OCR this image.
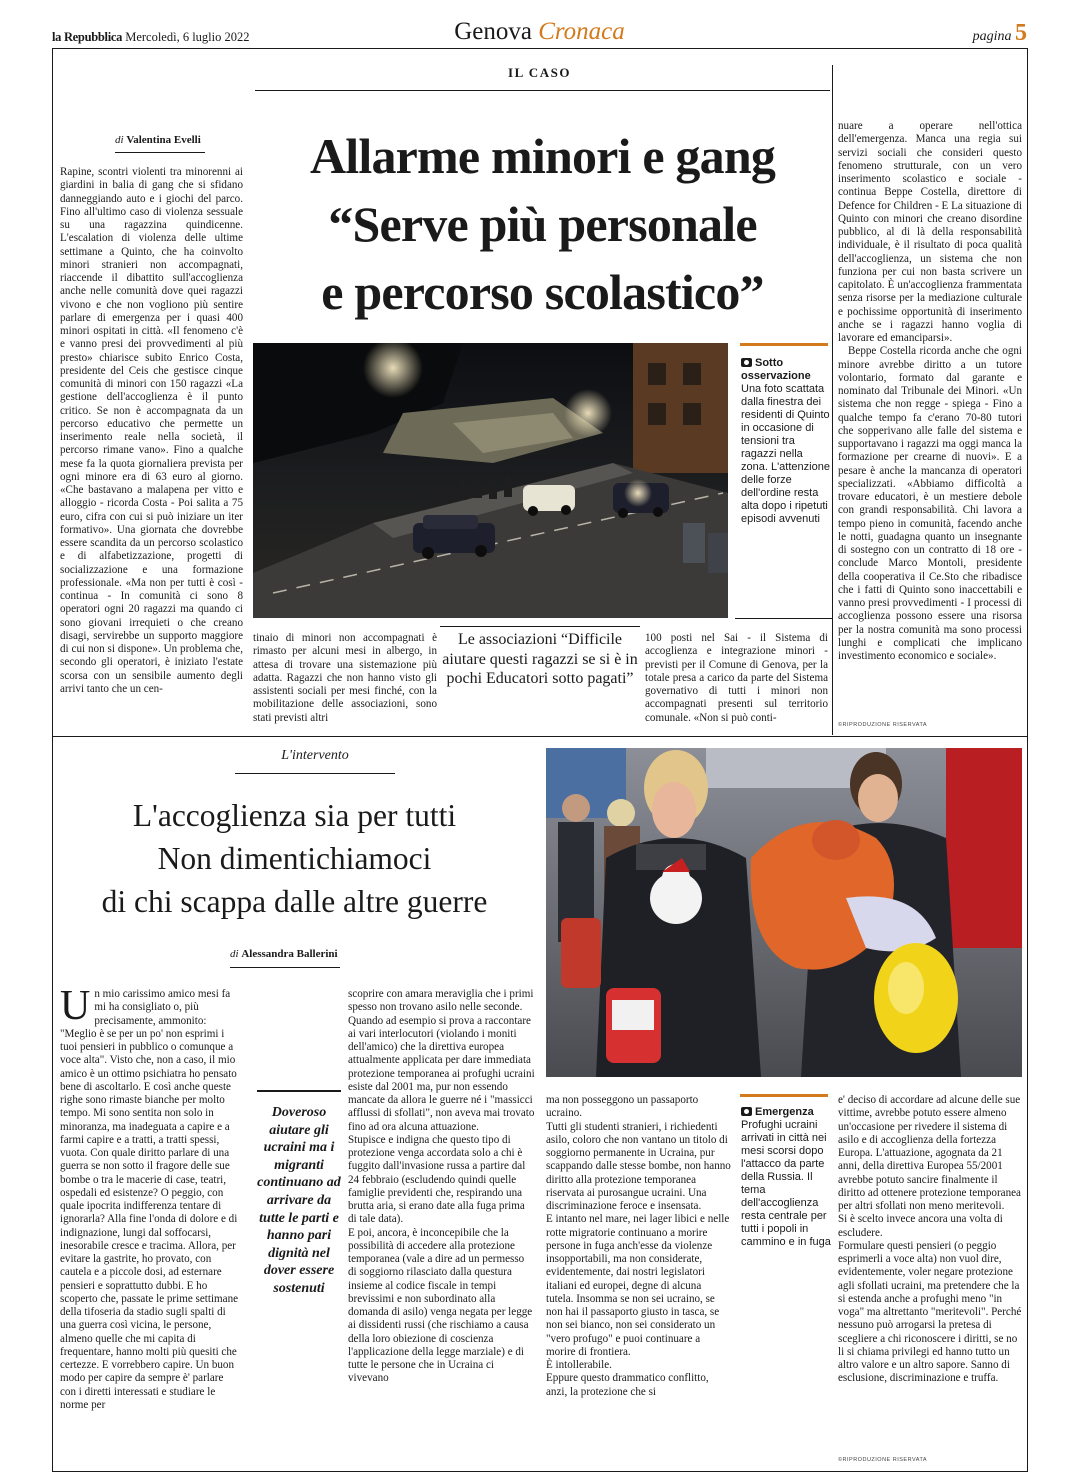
la Repubblica Mercoledì, 6 luglio 2022	Genova Cronaca	pagina 5
IL CASO
di Valentina Evelli	Allarme minori e gang
“Serve più personale
e percorso scolastico”

Rapine, scontri violenti tra minorenni ai giardini in balia di gang che si sfidano danneggiando auto e i giochi del parco. Fino all'ultimo caso di violenza sessuale su una ragazzina quindicenne. L'escalation di violenza delle ultime settimane a Quinto, che ha coinvolto minori stranieri non accompagnati, riaccende il dibattito sull'accoglienza anche nelle comunità dove quei ragazzi vivono e che non vogliono più sentire parlare di emergenza per i quasi 400 minori ospitati in città. «Il fenomeno c'è e vanno presi dei provvedimenti al più presto» chiarisce subito Enrico Costa, presidente del Ceis che gestisce cinque comunità di minori con 150 ragazzi «La gestione dell'accoglienza è il punto critico. Se non è accompagnata da un percorso educativo che permette un inserimento reale nella società, il percorso rimane vano». Fino a qualche mese fa la quota giornaliera prevista per ogni minore era di 63 euro al giorno. «Che bastavano a malapena per vitto e alloggio - ricorda Costa - Poi salita a 75 euro, cifra con cui si può iniziare un iter formativo». Una giornata che dovrebbe essere scandita da un percorso scolastico e di alfabetizzazione, progetti di socializzazione e una formazione professionale. «Ma non per tutti è così - continua - In comunità ci sono 8 operatori ogni 20 ragazzi ma quando ci sono giovani irrequieti o che creano disagi, servirebbe un supporto maggiore di cui non si dispone». Un problema che, secondo gli operatori, è iniziato l'estate scorsa con un sensibile aumento degli arrivi tanto che un cen-

Sotto osservazione
Una foto scattata dalla finestra dei residenti di Quinto in occasione di tensioni tra ragazzi nella zona. L'attenzione delle forze dell'ordine resta alta dopo i ripetuti episodi avvenuti

tinaio di minori non accompagnati è rimasto per alcuni mesi in albergo, in attesa di trovare una sistemazione più adatta. Ragazzi che non hanno visto gli assistenti sociali per mesi finché, con la mobilitazione delle associazioni, sono stati previsti altri

Le associazioni “Difficile aiutare questi ragazzi se si è in pochi Educatori sotto pagati”

100 posti nel Sai - il Sistema di accoglienza e integrazione minori - previsti per il Comune di Genova, per la totale presa a carico da parte del Sistema governativo di tutti i minori non accompagnati presenti sul territorio comunale. «Non si può conti-

nuare a operare nell'ottica dell'emergenza. Manca una regia sui servizi sociali che consideri questo fenomeno strutturale, con un vero inserimento scolastico e sociale - continua Beppe Costella, direttore di Defence for Children - E La situazione di Quinto con minori che creano disordine pubblico, al di là della responsabilità individuale, è il risultato di poca qualità dell'accoglienza, un sistema che non funziona per cui non basta scrivere un capitolato. È un'accoglienza frammentata senza risorse per la mediazione culturale e pochissime opportunità di inserimento anche se i ragazzi hanno voglia di lavorare ed emanciparsi».

Beppe Costella ricorda anche che ogni minore avrebbe diritto a un tutore volontario, formato dal garante e nominato dal Tribunale dei Minori. «Un sistema che non regge - spiega - Fino a qualche tempo fa c'erano 70-80 tutori che sopperivano alle falle del sistema e supportavano i ragazzi ma oggi manca la formazione per crearne di nuovi». E a pesare è anche la mancanza di operatori specializzati. «Abbiamo difficoltà a trovare educatori, è un mestiere debole con grandi responsabilità. Chi lavora a tempo pieno in comunità, facendo anche le notti, guadagna quanto un insegnante di sostegno con un contratto di 18 ore - conclude Marco Montoli, presidente della cooperativa il Ce.Sto che ribadisce che i fatti di Quinto sono inaccettabili e vanno presi provvedimenti - I processi di accoglienza possono essere una risorsa per la nostra comunità ma sono processi lunghi e complicati che implicano investimento economico e sociale».

©RIPRODUZIONE RISERVATA
L'intervento
L'accoglienza sia per tutti
Non dimentichiamoci
di chi scappa dalle altre guerre
di Alessandra Ballerini
U n mio carissimo amico mesi fa mi ha consigliato o, più precisamente, ammonito: "Meglio è se per un po' non esprimi i tuoi pensieri in pubblico o comunque a voce alta". Visto che, non a caso, il mio amico è un ottimo psichiatra ho pensato bene di ascoltarlo. E così anche queste righe sono rimaste bianche per molto tempo. Mi sono sentita non solo in minoranza, ma inadeguata a capire e a farmi capire e a tratti, a tratti spessi, vuota. Con quale diritto parlare di una guerra se non sotto il fragore delle sue bombe o tra le macerie di case, teatri, ospedali ed esistenze? O peggio, con quale ipocrita indifferenza tentare di ignorarla? Alla fine l'onda di dolore e di indignazione, lungi dal soffocarsi, inesorabile cresce e tracima. Allora, per evitare la gastrite, ho provato, con cautela e a piccole dosi, ad esternare pensieri e soprattutto dubbi. E ho scoperto che, passate le prime settimane della tifoseria da stadio sugli spalti di una guerra così vicina, le persone, almeno quelle che mi capita di frequentare, hanno molti più quesiti che certezze. E vorrebbero capire. Un buon modo per capire da sempre è' parlare con i diretti interessati e studiare le norme per
Doveroso aiutare gli ucraini ma i migranti continuano ad arrivare da tutte le parti e hanno pari dignità nel dover essere sostenuti

scoprire con amara meraviglia che i primi spesso non trovano asilo nelle seconde.

Quando ad esempio si prova a raccontare ai vari interlocutori (violando i moniti dell'amico) che la direttiva europea attualmente applicata per dare immediata protezione temporanea ai profughi ucraini esiste dal 2001 ma, pur non essendo mancate da allora le guerre né i "massicci afflussi di sfollati", non aveva mai trovato fino ad ora alcuna attuazione.

Stupisce e indigna che questo tipo di protezione venga accordata solo a chi è fuggito dall'invasione russa a partire dal 24 febbraio (escludendo quindi quelle famiglie previdenti che, respirando una brutta aria, si erano date alla fuga prima di tale data).

E poi, ancora, è inconcepibile che la possibilità di accedere alla protezione temporanea (vale a dire ad un permesso di soggiorno rilasciato dalla questura insieme al codice fiscale in tempi brevissimi e non subordinato alla domanda di asilo) venga negata per legge ai dissidenti russi (che rischiamo a causa della loro obiezione di coscienza l'applicazione della legge marziale) e di tutte le persone che in Ucraina ci vivevano

ma non posseggono un passaporto ucraino.

Tutti gli studenti stranieri, i richiedenti asilo, coloro che non vantano un titolo di soggiorno permanente in Ucraina, pur scappando dalle stesse bombe, non hanno diritto alla protezione temporanea riservata ai purosangue ucraini. Una discriminazione feroce e insensata.

E intanto nel mare, nei lager libici e nelle rotte migratorie continuano a morire persone in fuga anch'esse da violenze insopportabili, ma non considerate, evidentemente, dai nostri legislatori italiani ed europei, degne di alcuna tutela. Insomma se non sei ucraino, se non hai il passaporto giusto in tasca, se non sei bianco, non sei considerato un "vero profugo" e puoi continuare a morire di frontiera.

È intollerabile.

Eppure questo drammatico conflitto, anzi, la protezione che si

Emergenza
Profughi ucraini arrivati in città nei mesi scorsi dopo l'attacco da parte della Russia. Il tema dell'accoglienza resta centrale per tutti i popoli in cammino e in fuga

e' deciso di accordare ad alcune delle sue vittime, avrebbe potuto essere almeno un'occasione per rivedere il sistema di asilo e di accoglienza della fortezza Europa. L'attuazione, agognata da 21 anni, della direttiva Europea 55/2001 avrebbe potuto sancire finalmente il diritto ad ottenere protezione temporanea per altri sfollati non meno meritevoli.

Si è scelto invece ancora una volta di escludere.

Formulare questi pensieri (o peggio esprimerli a voce alta) non vuol dire, evidentemente, voler negare protezione agli sfollati ucraini, ma pretendere che la si estenda anche a profughi meno "in voga" ma altrettanto "meritevoli". Perché nessuno può arrogarsi la pretesa di scegliere a chi riconoscere i diritti, se no li si chiama privilegi ed hanno tutto un altro valore e un altro sapore. Sanno di esclusione, discriminazione e truffa.

©RIPRODUZIONE RISERVATA
